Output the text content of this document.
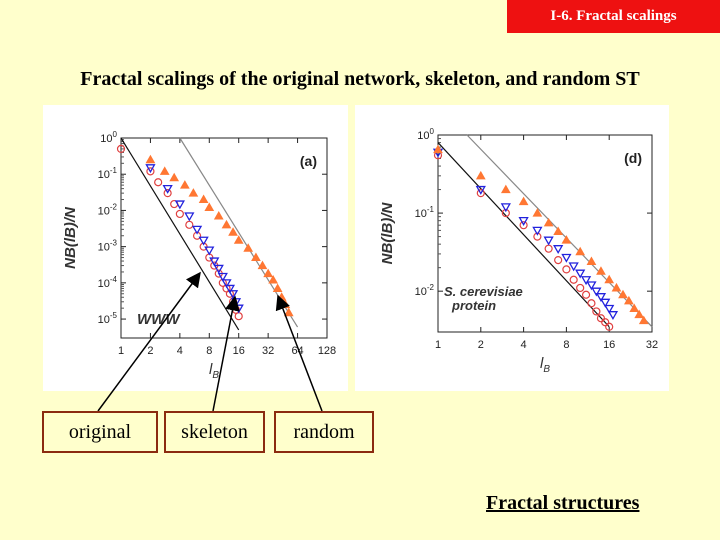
I-6. Fractal scalings
Fractal scalings of the original network, skeleton, and random ST
1 2 4 8 16 32 64 128
$10^0$
$10^{-1}$
$10^{-2}$
$10^{-3}$
$10^{-4}$
$10^{-5}$
(a)
WWW
$l_B$
NB(lB)/N
1	2	4	8	16	32
$10^0$
$10^{-1}$
$10^{-2}$
(d)
S. cerevisiae
protein
$l_B$
NB(lB)/N
original	skeleton	random
Fractal structures
